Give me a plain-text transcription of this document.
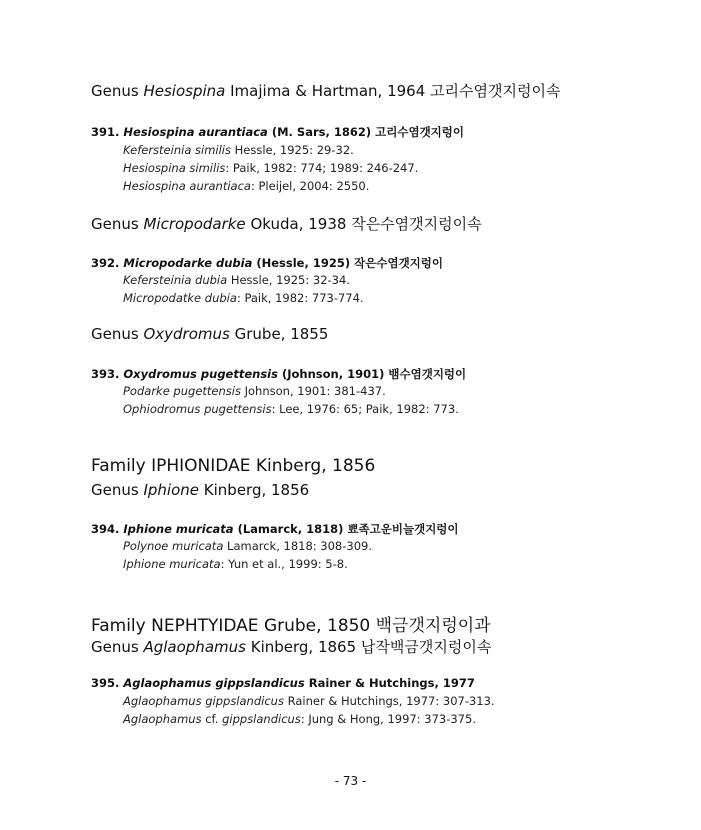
Genus Hesiospina Imajima & Hartman, 1964 고리수염갯지렁이속
391. Hesiospina aurantiaca (M. Sars, 1862) 고리수염갯지렁이
Kefersteinia similis Hessle, 1925: 29-32.
Hesiospina similis: Paik, 1982: 774; 1989: 246-247.
Hesiospina aurantiaca: Pleijel, 2004: 2550.
Genus Micropodarke Okuda, 1938 작은수염갯지렁이속
392. Micropodarke dubia (Hessle, 1925) 작은수염갯지렁이
Kefersteinia dubia Hessle, 1925: 32-34.
Micropodatke dubia: Paik, 1982: 773-774.
Genus Oxydromus Grube, 1855
393. Oxydromus pugettensis (Johnson, 1901) 뱀수염갯지렁이
Podarke pugettensis Johnson, 1901: 381-437.
Ophiodromus pugettensis: Lee, 1976: 65; Paik, 1982: 773.
Family IPHIONIDAE Kinberg, 1856
Genus Iphione Kinberg, 1856
394. Iphione muricata (Lamarck, 1818) 뾰족고운비늘갯지렁이
Polynoe muricata Lamarck, 1818: 308-309.
Iphione muricata: Yun et al., 1999: 5-8.
Family NEPHTYIDAE Grube, 1850 백금갯지렁이과
Genus Aglaophamus Kinberg, 1865 납작백금갯지렁이속
395. Aglaophamus gippslandicus Rainer & Hutchings, 1977
Aglaophamus gippslandicus Rainer & Hutchings, 1977: 307-313.
Aglaophamus cf. gippslandicus: Jung & Hong, 1997: 373-375.
- 73 -
